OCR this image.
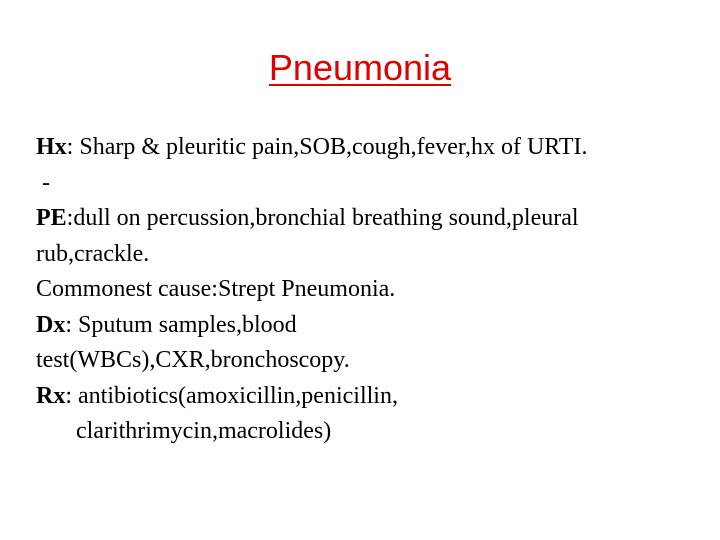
Pneumonia
Hx: Sharp & pleuritic pain,SOB,cough,fever,hx of URTI.
-
PE:dull on percussion,bronchial breathing sound,pleural
rub,crackle.
Commonest cause:Strept Pneumonia.
Dx: Sputum samples,blood
test(WBCs),CXR,bronchoscopy.
Rx: antibiotics(amoxicillin,penicillin,
clarithrimycin,macrolides)
